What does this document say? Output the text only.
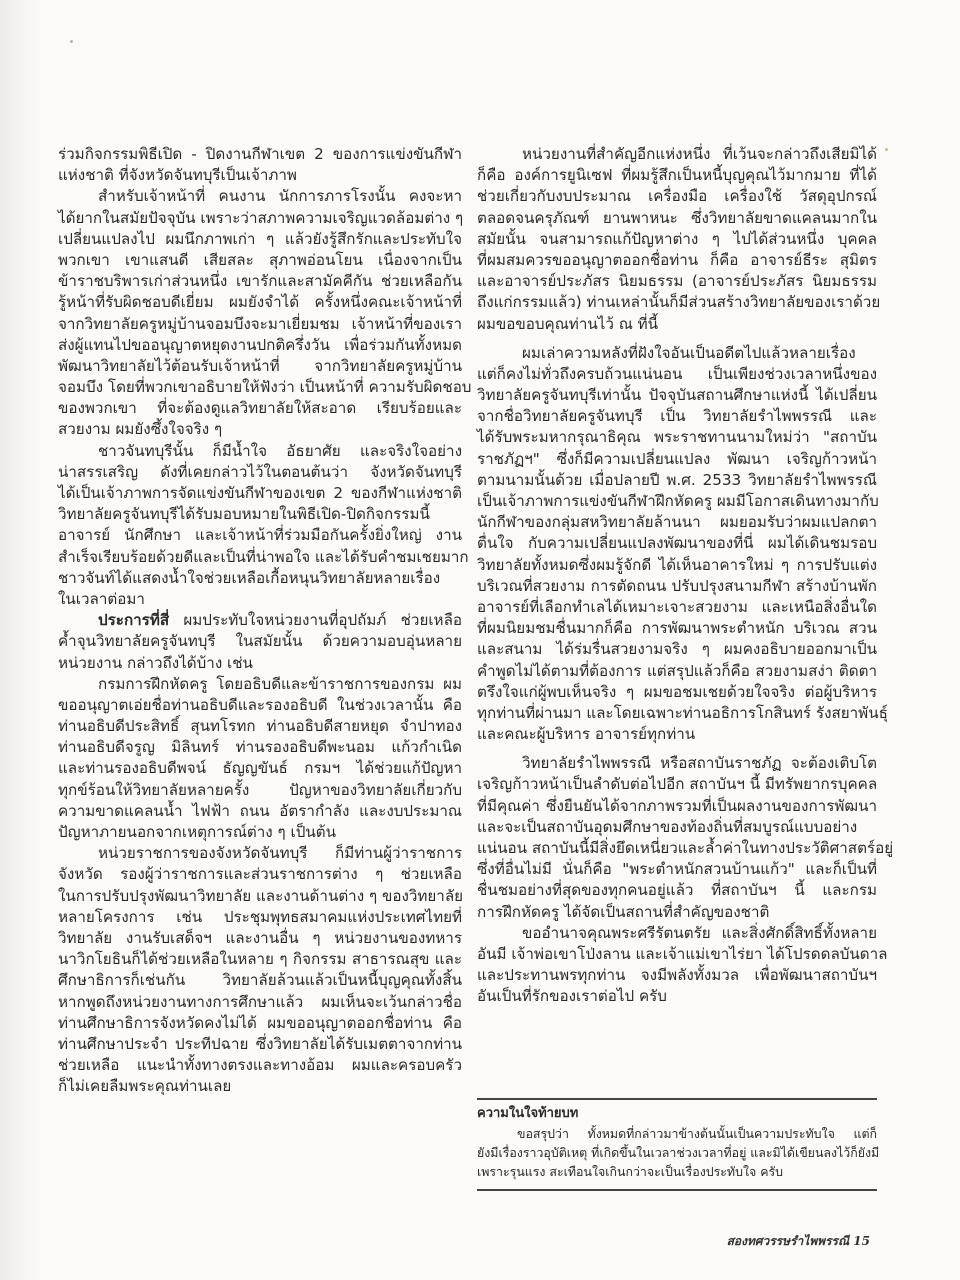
ร่วมกิจกรรมพิธีเปิด - ปิดงานกีฬาเขต 2 ของการแข่งขันกีฬา
แห่งชาติ ที่จังหวัดจันทบุรีเป็นเจ้าภาพ
สำหรับเจ้าหน้าที่ คนงาน นักการภารโรงนั้น คงจะหา
ได้ยากในสมัยปัจจุบัน เพราะว่าสภาพความเจริญแวดล้อมต่าง ๆ
เปลี่ยนแปลงไป ผมนึกภาพเก่า ๆ แล้วยังรู้สึกรักและประทับใจ
พวกเขา เขาแสนดี เสียสละ สุภาพอ่อนโยน เนื่องจากเป็น
ข้าราชบริพารเก่าส่วนหนึ่ง เขารักและสามัคคีกัน ช่วยเหลือกัน
รู้หน้าที่รับผิดชอบดีเยี่ยม ผมยังจำได้ ครั้งหนึ่งคณะเจ้าหน้าที่
จากวิทยาลัยครูหมู่บ้านจอมบึงจะมาเยี่ยมชม เจ้าหน้าที่ของเรา
ส่งผู้แทนไปขออนุญาตหยุดงานปกติครึ่งวัน เพื่อร่วมกันทั้งหมด
พัฒนาวิทยาลัยไว้ต้อนรับเจ้าหน้าที่ จากวิทยาลัยครูหมู่บ้าน
จอมบึง โดยที่พวกเขาอธิบายให้ฟังว่า เป็นหน้าที่ ความรับผิดชอบ
ของพวกเขา ที่จะต้องดูแลวิทยาลัยให้สะอาด เรียบร้อยและ
สวยงาม ผมยังซึ้งใจจริง ๆ
ชาวจันทบุรีนั้น ก็มีน้ำใจ อัธยาศัย และจริงใจอย่าง
น่าสรรเสริญ ดังที่เคยกล่าวไว้ในตอนต้นว่า จังหวัดจันทบุรี
ได้เป็นเจ้าภาพการจัดแข่งขันกีฬาของเขต 2 ของกีฬาแห่งชาติ
วิทยาลัยครูจันทบุรีได้รับมอบหมายในพิธีเปิด-ปิดกิจกรรมนี้
อาจารย์ นักศึกษา และเจ้าหน้าที่ร่วมมือกันครั้งยิ่งใหญ่ งาน
สำเร็จเรียบร้อยด้วยดีและเป็นที่น่าพอใจ และได้รับคำชมเชยมาก
ชาวจันท์ได้แสดงน้ำใจช่วยเหลือเกื้อหนุนวิทยาลัยหลายเรื่อง
ในเวลาต่อมา
ประการที่สี่ ผมประทับใจหน่วยงานที่อุปถัมภ์ ช่วยเหลือ
ค้ำจุนวิทยาลัยครูจันทบุรี ในสมัยนั้น ด้วยความอบอุ่นหลาย
หน่วยงาน กล่าวถึงได้บ้าง เช่น
กรมการฝึกหัดครู โดยอธิบดีและข้าราชการของกรม ผม
ขออนุญาตเอ่ยชื่อท่านอธิบดีและรองอธิบดี ในช่วงเวลานั้น คือ
ท่านอธิบดีประสิทธิ์ สุนทโรทก ท่านอธิบดีสายหยุด จำปาทอง
ท่านอธิบดีจรูญ มิลินทร์ ท่านรองอธิบดีพะนอม แก้วกำเนิด
และท่านรองอธิบดีพจน์ ธัญญขันธ์ กรมฯ ได้ช่วยแก้ปัญหา
ทุกข์ร้อนให้วิทยาลัยหลายครั้ง ปัญหาของวิทยาลัยเกี่ยวกับ
ความขาดแคลนน้ำ ไฟฟ้า ถนน อัตรากำลัง และงบประมาณ
ปัญหาภายนอกจากเหตุการณ์ต่าง ๆ เป็นต้น
หน่วยราชการของจังหวัดจันทบุรี ก็มีท่านผู้ว่าราชการ
จังหวัด รองผู้ว่าราชการและส่วนราชการต่าง ๆ ช่วยเหลือ
ในการปรับปรุงพัฒนาวิทยาลัย และงานด้านต่าง ๆ ของวิทยาลัย
หลายโครงการ เช่น ประชุมพุทธสมาคมแห่งประเทศไทยที่
วิทยาลัย งานรับเสด็จฯ และงานอื่น ๆ หน่วยงานของทหาร
นาวิกโยธินก็ได้ช่วยเหลือในหลาย ๆ กิจกรรม สาธารณสุข และ
ศึกษาธิการก็เช่นกัน วิทยาลัยล้วนแล้วเป็นหนี้บุญคุณทั้งสิ้น
หากพูดถึงหน่วยงานทางการศึกษาแล้ว ผมเห็นจะเว้นกล่าวชื่อ
ท่านศึกษาธิการจังหวัดคงไม่ได้ ผมขออนุญาตออกชื่อท่าน คือ
ท่านศึกษาประจำ ประทีปฉาย ซึ่งวิทยาลัยได้รับเมตตาจากท่าน
ช่วยเหลือ แนะนำทั้งทางตรงและทางอ้อม ผมและครอบครัว
ก็ไม่เคยลืมพระคุณท่านเลย
หน่วยงานที่สำคัญอีกแห่งหนึ่ง ที่เว้นจะกล่าวถึงเสียมิได้
ก็คือ องค์การยูนิเซฟ ที่ผมรู้สึกเป็นหนี้บุญคุณไว้มากมาย ที่ได้
ช่วยเกี่ยวกับงบประมาณ เครื่องมือ เครื่องใช้ วัสดุอุปกรณ์
ตลอดจนครุภัณฑ์ ยานพาหนะ ซึ่งวิทยาลัยขาดแคลนมากใน
สมัยนั้น จนสามารถแก้ปัญหาต่าง ๆ ไปได้ส่วนหนึ่ง บุคคล
ที่ผมสมควรขออนุญาตออกชื่อท่าน ก็คือ อาจารย์ธีระ สุมิตร
และอาจารย์ประภัสร นิยมธรรม (อาจารย์ประภัสร นิยมธรรม
ถึงแก่กรรมแล้ว) ท่านเหล่านั้นก็มีส่วนสร้างวิทยาลัยของเราด้วย
ผมขอขอบคุณท่านไว้ ณ ที่นี้
ผมเล่าความหลังที่ฝังใจอันเป็นอดีตไปแล้วหลายเรื่อง
แต่ก็คงไม่ทั่วถึงครบถ้วนแน่นอน เป็นเพียงช่วงเวลาหนึ่งของ
วิทยาลัยครูจันทบุรีเท่านั้น ปัจจุบันสถานศึกษาแห่งนี้ ได้เปลี่ยน
จากชื่อวิทยาลัยครูจันทบุรี เป็น วิทยาลัยรำไพพรรณี และ
ได้รับพระมหากรุณาธิคุณ พระราชทานนามใหม่ว่า "สถาบัน
ราชภัฏฯ" ซึ่งก็มีความเปลี่ยนแปลง พัฒนา เจริญก้าวหน้า
ตามนามนั้นด้วย เมื่อปลายปี พ.ศ. 2533 วิทยาลัยรำไพพรรณี
เป็นเจ้าภาพการแข่งขันกีฬาฝึกหัดครู ผมมีโอกาสเดินทางมากับ
นักกีฬาของกลุ่มสหวิทยาลัยล้านนา ผมยอมรับว่าผมแปลกตา
ตื่นใจ กับความเปลี่ยนแปลงพัฒนาของที่นี่ ผมได้เดินชมรอบ
วิทยาลัยทั้งหมดซึ่งผมรู้จักดี ได้เห็นอาคารใหม่ ๆ การปรับแต่ง
บริเวณที่สวยงาม การตัดถนน ปรับปรุงสนามกีฬา สร้างบ้านพัก
อาจารย์ที่เลือกทำเลได้เหมาะเจาะสวยงาม และเหนือสิ่งอื่นใด
ที่ผมนิยมชมชื่นมากก็คือ การพัฒนาพระตำหนัก บริเวณ สวน
และสนาม ได้ร่มรื่นสวยงามจริง ๆ ผมคงอธิบายออกมาเป็น
คำพูดไม่ได้ตามที่ต้องการ แต่สรุปแล้วก็คือ สวยงามสง่า ติดตา
ตรึงใจแก่ผู้พบเห็นจริง ๆ ผมขอชมเชยด้วยใจจริง ต่อผู้บริหาร
ทุกท่านที่ผ่านมา และโดยเฉพาะท่านอธิการโกสินทร์ รังสยาพันธุ์
และคณะผู้บริหาร อาจารย์ทุกท่าน
วิทยาลัยรำไพพรรณี หรือสถาบันราชภัฏ จะต้องเติบโต
เจริญก้าวหน้าเป็นลำดับต่อไปอีก สถาบันฯ นี้ มีทรัพยากรบุคคล
ที่มีคุณค่า ซึ่งยืนยันได้จากภาพรวมที่เป็นผลงานของการพัฒนา
และจะเป็นสถาบันอุดมศึกษาของท้องถิ่นที่สมบูรณ์แบบอย่าง
แน่นอน สถาบันนี้มีสิ่งยึดเหนี่ยวและล้ำค่าในทางประวัติศาสตร์อยู่
ซึ่งที่อื่นไม่มี นั่นก็คือ "พระตำหนักสวนบ้านแก้ว" และก็เป็นที่
ชื่นชมอย่างที่สุดของทุกคนอยู่แล้ว ที่สถาบันฯ นี้ และกรม
การฝึกหัดครู ได้จัดเป็นสถานที่สำคัญของชาติ
ขออำนาจคุณพระศรีรัตนตรัย และสิ่งศักดิ์สิทธิ์ทั้งหลาย
อันมี เจ้าพ่อเขาโป่งลาน และเจ้าแม่เขาไร่ยา ได้โปรดดลบันดาล
และประทานพรทุกท่าน จงมีพลังทั้งมวล เพื่อพัฒนาสถาบันฯ
อันเป็นที่รักของเราต่อไป ครับ
ความในใจท้ายบท
ขอสรุปว่า ทั้งหมดที่กล่าวมาข้างต้นนั้นเป็นความประทับใจ แต่ก็
ยังมีเรื่องราวอุบัติเหตุ ที่เกิดขึ้นในเวลาช่วงเวลาที่อยู่ และมิได้เขียนลงไว้ก็ยังมี
เพราะรุนแรง สะเทือนใจเกินกว่าจะเป็นเรื่องประทับใจ ครับ
สองทศวรรษรำไพพรรณี 15
